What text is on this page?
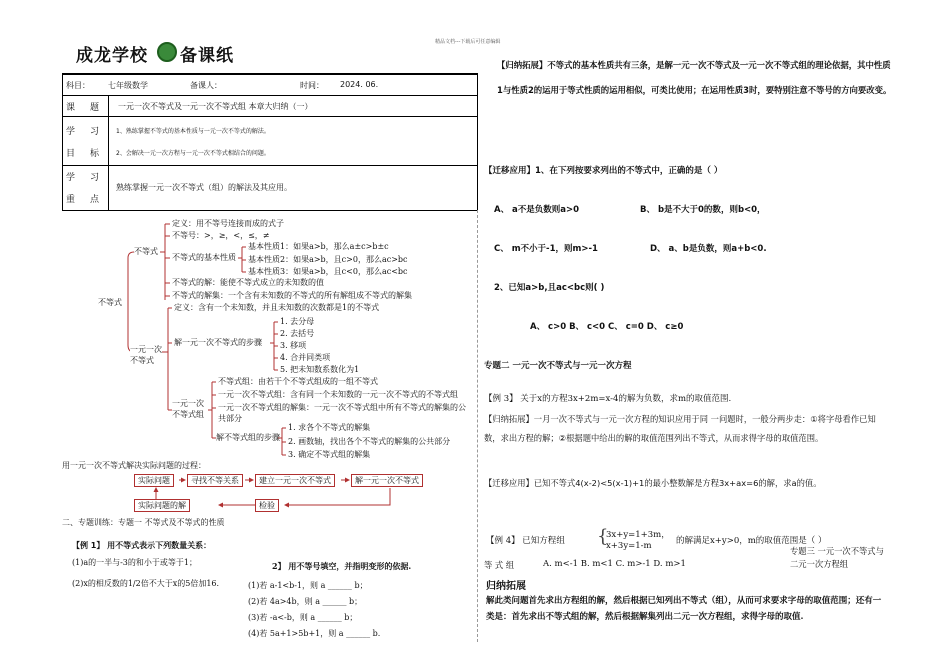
精品文档---下载后可任意编辑
成龙学校 备课纸
科目： 七年级数学	备课人：	时间： 2024. 06.
课 题 一元一次不等式及一元一次不等式组 本章大归纳（一）
学 习
目 标
1、熟练掌握不等式的基本性质与一元一次不等式的解法。
2、会解决一元一次方程与一元一次不等式相结合的问题。
学 习
重 点
熟练掌握一元一次不等式（组）的解法及其应用。
不等式
不等式
定义：用不等号连接而成的式子
不等号：>，≥，<，≤，≠
不等式的基本性质
基本性质1：如果a>b，那么a±c>b±c
基本性质2：如果a>b，且c>0，那么ac>bc
基本性质3：如果a>b，且c<0，那么ac<bc
不等式的解：能使不等式成立的未知数的值
不等式的解集：一个含有未知数的不等式的所有解组成不等式的解集
一元一次不等式
定义：含有一个未知数，并且未知数的次数都是1的不等式
解一元一次不等式的步骤
1. 去分母
2. 去括号
3. 移项
4. 合并同类项
5. 把未知数系数化为1
一元一次不等式组
不等式组：由若干个不等式组成的一组不等式
一元一次不等式组：含有同一个未知数的一元一次不等式的不等式组
一元一次不等式组的解集：一元一次不等式组中所有不等式的解集的公共部分
解不等式组的步骤
1. 求各个不等式的解集
2. 画数轴，找出各个不等式的解集的公共部分
3. 确定不等式组的解集
用一元一次不等式解决实际问题的过程：
实际问题	寻找不等关系	建立一元一次不等式	解一元一次不等式
实际问题的解	检验
二、专题训练：专题一 不等式及不等式的性质
【例 1】 用不等式表示下列数量关系：
(1)a的一半与-3的和小于或等于1；
(2)x的相反数的1/2倍不大于x的5倍加16.
2】 用不等号填空，并指明变形的依据.
(1)若 a-1<b-1，则 a ______ b；
(2)若 4a>4b，则 a ______ b；
(3)若 -a<-b，则 a ______ b；
(4)若 5a+1>5b+1，则 a ______ b.
【归纳拓展】不等式的基本性质共有三条，是解一元一次不等式及一元一次不等式组的理论依据，其中性质1与性质2的运用于等式性质的运用相似，可类比使用；在运用性质3时，要特别注意不等号的方向要改变。
【迁移应用】1、在下列按要求列出的不等式中，正确的是（ ）
A、 a不是负数则a>0	B、 b是不大于0的数，则b<0，
C、 m不小于-1，则m>-1	D、 a、b是负数，则a+b<0.
2、已知a>b,且ac<bc则( )
A、 c>0 B、 c<0 C、 c=0 D、 c≥0
专题二 一元一次不等式与一元一次方程
【例 3】 关于x的方程3x+2m=x-4的解为负数，求m的取值范围.
【归纳拓展】一月一次不等式与一元一次方程的知识应用于同 一问题时，一般分两步走：①将字母看作已知数，求出方程的解；②根据题中给出的解的取值范围列出不等式，从而求得字母的取值范围。
【迁移应用】已知不等式4(x-2)<5(x-1)+1的最小整数解是方程3x+ax=6的解，求a的值。
【例 4】 已知方程组 {
3x+y=1+3m，
x+3y=1-m	的解满足x+y>0，m的取值范围是（ ）
专题三 一元一次不等式与二元一次方程组
等 式 组	A. m<-1 B. m<1 C. m>-1 D. m>1
归纳拓展
解此类问题首先求出方程组的解，然后根据已知列出不等式（组），从而可求要求字母的取值范围；还有一类是：首先求出不等式组的解，然后根据解集列出二元一次方程组，求得字母的取值.
